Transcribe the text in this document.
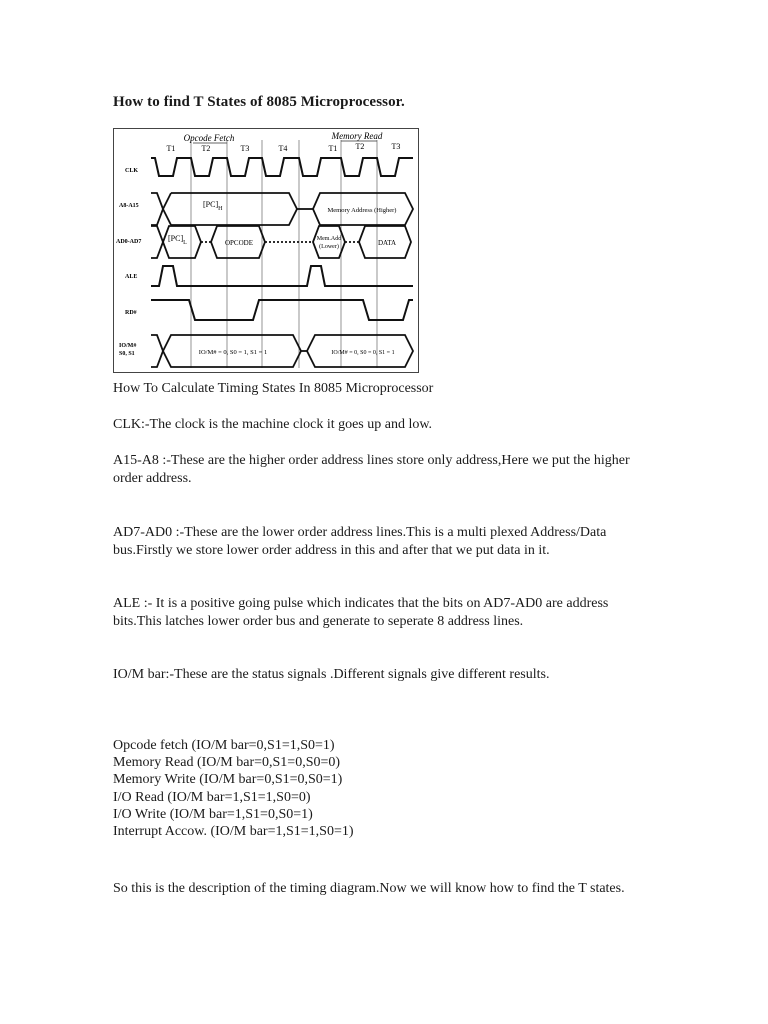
How to find T States of 8085 Microprocessor.
Opcode Fetch	Memory Read
T1	T2	T3	T4	T1 T2	T3
CLK
A8-A15
AD0-AD7
ALE
RD#
IO/M#
S0, S1
$[PC]_H$	Memory Address (Higher)
$[PC]_L$	OPCODE	Mem.Add
(Lower)	DATA
IO/M# = 0, S0 = 1, S1 = 1	IO/M# = 0, S0 = 0, S1 = 1

How To Calculate Timing States In 8085 Microprocessor

CLK:-The clock is the machine clock it goes up and low.

A15-A8 :-These are the higher order address lines store only address,Here we put the higher order address.

AD7-AD0 :-These are the lower order address lines.This is a multi plexed Address/Data bus.Firstly we store lower order address in this and after that we put data in it.

ALE :- It is a positive going pulse which indicates that the bits on AD7-AD0 are address bits.This latches lower order bus and generate to seperate 8 address lines.

IO/M bar:-These are the status signals .Different signals give different results.

Opcode fetch (IO/M bar=0,S1=1,S0=1)
Memory Read (IO/M bar=0,S1=0,S0=0)
Memory Write (IO/M bar=0,S1=0,S0=1)
I/O Read (IO/M bar=1,S1=1,S0=0)
I/O Write (IO/M bar=1,S1=0,S0=1)
Interrupt Accow. (IO/M bar=1,S1=1,S0=1)

So this is the description of the timing diagram.Now we will know how to find the T states.
